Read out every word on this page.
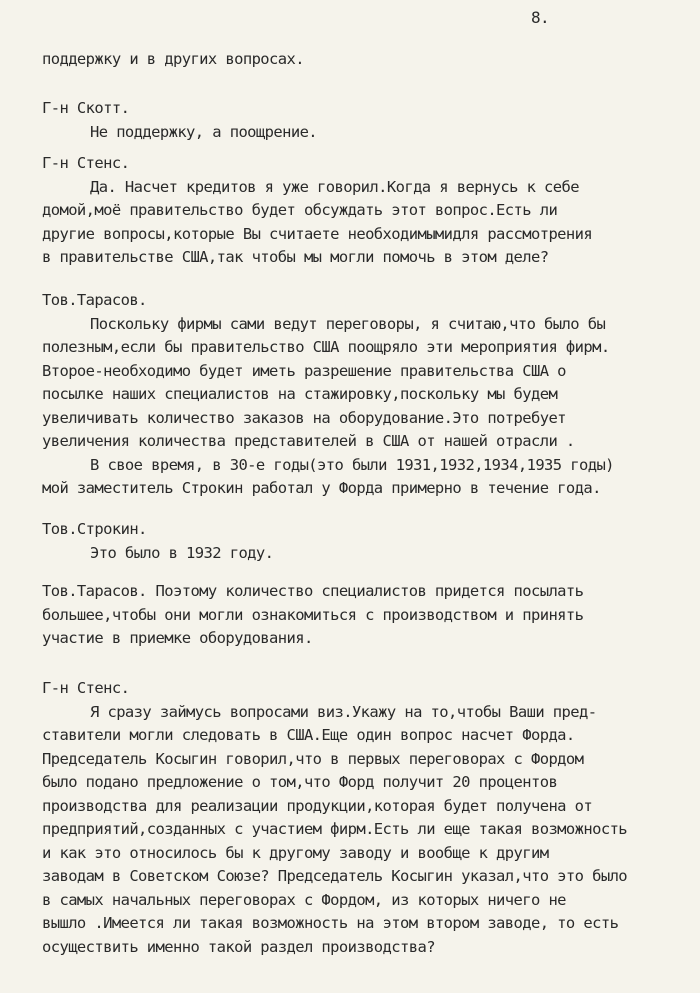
8.
поддержку и в других вопросах.
Г-н Скотт.
Не поддержку, а поощрение.
Г-н Стенс.
Да. Насчет кредитов я уже говорил.Когда я вернусь к себе
домой,моё правительство будет обсуждать этот вопрос.Есть ли
другие вопросы,которые Вы считаете необходимымидля рассмотрения
в правительстве США,так чтобы мы могли помочь в этом деле?
Тов.Тарасов.
Поскольку фирмы сами ведут переговоры, я считаю,что было бы
полезным,если бы правительство США поощряло эти мероприятия фирм.
Второе-необходимо будет иметь разрешение правительства США о
посылке наших специалистов на стажировку,поскольку мы будем
увеличивать количество заказов на оборудование.Это потребует
увеличения количества представителей в США от нашей отрасли .
В свое время, в 30-е годы(это были 1931,1932,1934,1935 годы)
мой заместитель Строкин работал у Форда примерно в течение года.
Тов.Строкин.
Это было в 1932 году.
Тов.Тарасов. Поэтому количество специалистов придется посылать
большее,чтобы они могли ознакомиться с производством и принять
участие в приемке оборудования.
Г-н Стенс.
Я сразу займусь вопросами виз.Укажу на то,чтобы Ваши пред-
ставители могли следовать в США.Еще один вопрос насчет Форда.
Председатель Косыгин говорил,что в первых переговорах с Фордом
было подано предложение о том,что Форд получит 20 процентов
производства для реализации продукции,которая будет получена от
предприятий,созданных с участием фирм.Есть ли еще такая возможность
и как это относилось бы к другому заводу и вообще к другим
заводам в Советском Союзе? Председатель Косыгин указал,что это было
в самых начальных переговорах с Фордом, из которых ничего не
вышло .Имеется ли такая возможность на этом втором заводе, то есть
осуществить именно такой раздел производства?
